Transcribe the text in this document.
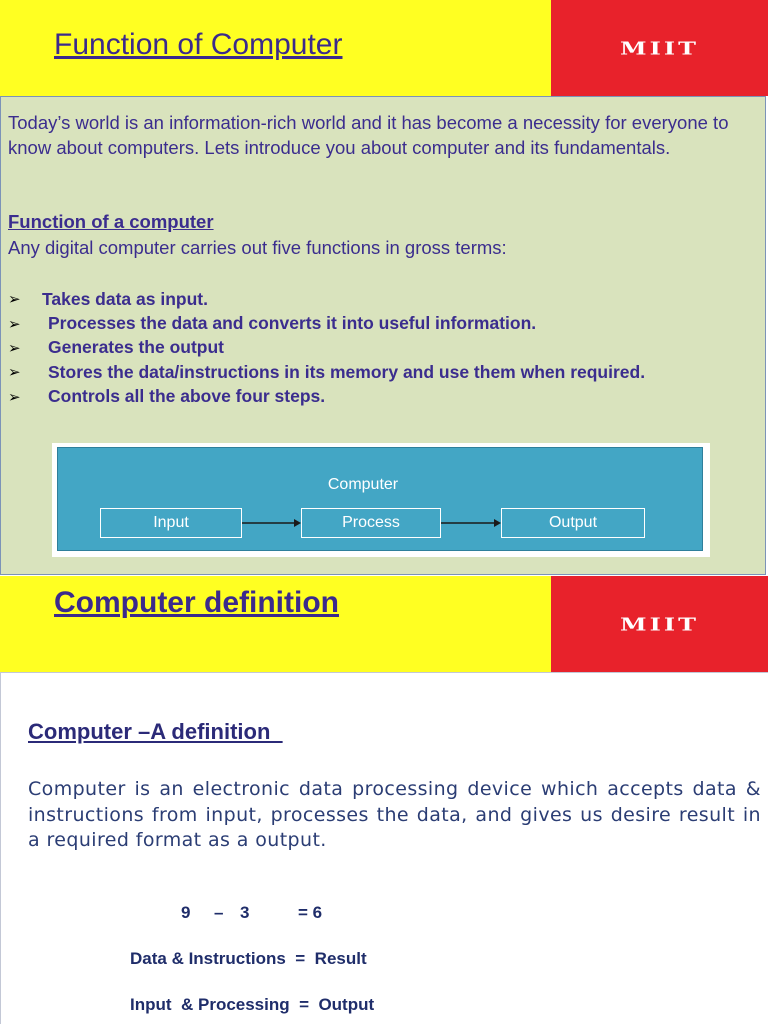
Function of Computer	MIIT
Today’s world is an information-rich world and it has become a necessity for everyone to know about computers. Lets introduce you about computer and its fundamentals.
Function of a computer
Any digital computer carries out five functions in gross terms:
➢	Takes data as input.
➢	Processes the data and converts it into useful information.
➢	Generates the output
➢	Stores the data/instructions in its memory and use them when required.
➢	Controls all the above four steps.
Computer
Input	Process	Output
Computer definition
MIIT
Computer –A definition
Computer is an electronic data processing device which accepts data & instructions from input, processes the data, and gives us desire result in a required format as a output.
9 – 3	= 6
Data & Instructions  =  Result
Input  & Processing  =  Output
